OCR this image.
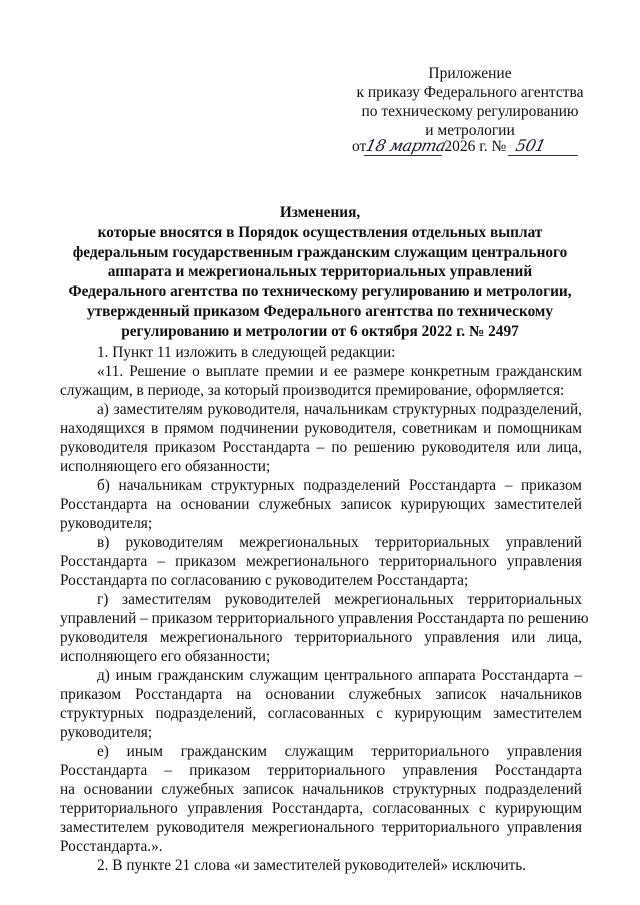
Приложение
к приказу Федерального агентства
по техническому регулированию
и метрологии
от18 марта2026 г. № 501
Изменения,
которые вносятся в Порядок осуществления отдельных выплат
федеральным государственным гражданским служащим центрального
аппарата и межрегиональных территориальных управлений
Федерального агентства по техническому регулированию и метрологии,
утвержденный приказом Федерального агентства по техническому
регулированию и метрологии от 6 октября 2022 г. № 2497
1. Пункт 11 изложить в следующей редакции:
«11. Решение о выплате премии и ее размере конкретным гражданским
служащим, в периоде, за который производится премирование, оформляется:
а) заместителям руководителя, начальникам структурных подразделений,
находящихся в прямом подчинении руководителя, советникам и помощникам
руководителя приказом Росстандарта – по решению руководителя или лица,
исполняющего его обязанности;
б) начальникам структурных подразделений Росстандарта – приказом
Росстандарта на основании служебных записок курирующих заместителей
руководителя;
в) руководителям межрегиональных территориальных управлений
Росстандарта – приказом межрегионального территориального управления
Росстандарта по согласованию с руководителем Росстандарта;
г) заместителям руководителей межрегиональных территориальных
управлений – приказом территориального управления Росстандарта по решению
руководителя межрегионального территориального управления или лица,
исполняющего его обязанности;
д) иным гражданским служащим центрального аппарата Росстандарта –
приказом Росстандарта на основании служебных записок начальников
структурных подразделений, согласованных с курирующим заместителем
руководителя;
е) иным гражданским служащим территориального управления
Росстандарта – приказом территориального управления Росстандарта
на основании служебных записок начальников структурных подразделений
территориального управления Росстандарта, согласованных с курирующим
заместителем руководителя межрегионального территориального управления
Росстандарта.».
2. В пункте 21 слова «и заместителей руководителей» исключить.
